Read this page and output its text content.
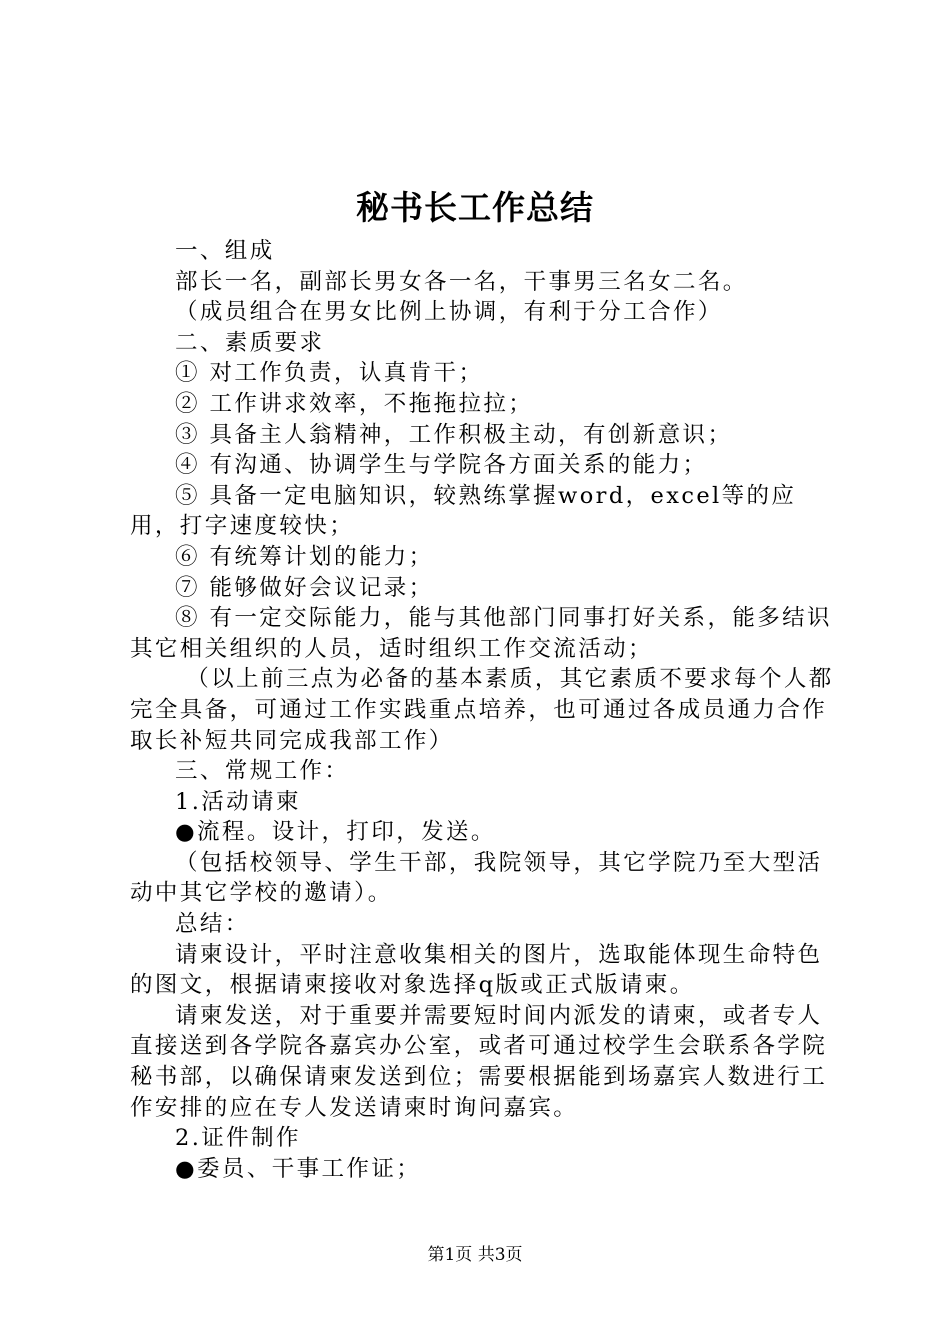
秘书长工作总结

一、组成

部长一名，副部长男女各一名，干事男三名女二名。

（成员组合在男女比例上协调，有利于分工合作）

二、素质要求

① 对工作负责，认真肯干；

② 工作讲求效率，不拖拖拉拉；

③ 具备主人翁精神，工作积极主动，有创新意识；

④ 有沟通、协调学生与学院各方面关系的能力；

⑤ 具备一定电脑知识，较熟练掌握word，excel等的应用，打字速度较快；

⑥ 有统筹计划的能力；

⑦ 能够做好会议记录；

⑧ 有一定交际能力，能与其他部门同事打好关系，能多结识其它相关组织的人员，适时组织工作交流活动；

（以上前三点为必备的基本素质，其它素质不要求每个人都完全具备，可通过工作实践重点培养，也可通过各成员通力合作取长补短共同完成我部工作）

三、常规工作：

1.活动请柬

●流程。设计，打印，发送。

（包括校领导、学生干部，我院领导，其它学院乃至大型活动中其它学校的邀请）。

总结：

请柬设计，平时注意收集相关的图片，选取能体现生命特色的图文，根据请柬接收对象选择q版或正式版请柬。

请柬发送，对于重要并需要短时间内派发的请柬，或者专人直接送到各学院各嘉宾办公室，或者可通过校学生会联系各学院秘书部，以确保请柬发送到位；需要根据能到场嘉宾人数进行工作安排的应在专人发送请柬时询问嘉宾。

2.证件制作

●委员、干事工作证；

第1页 共3页
